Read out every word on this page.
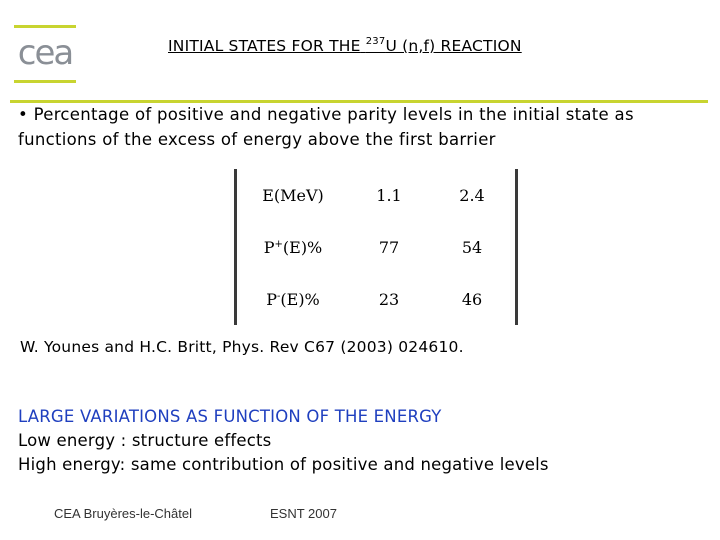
cea	INITIAL STATES FOR THE $^{237}$U (n,f) REACTION
• Percentage of positive and negative parity levels in the initial state as functions of the excess of energy above the first barrier
E(MeV)	1.1	2.4
P+(E)%	77	54
P-(E)%	23	46
W. Younes and H.C. Britt, Phys. Rev C67 (2003) 024610.
LARGE VARIATIONS AS FUNCTION OF THE ENERGY
Low energy : structure effects
High energy: same contribution of positive and negative levels
CEA Bruyères-le-Châtel	ESNT 2007
